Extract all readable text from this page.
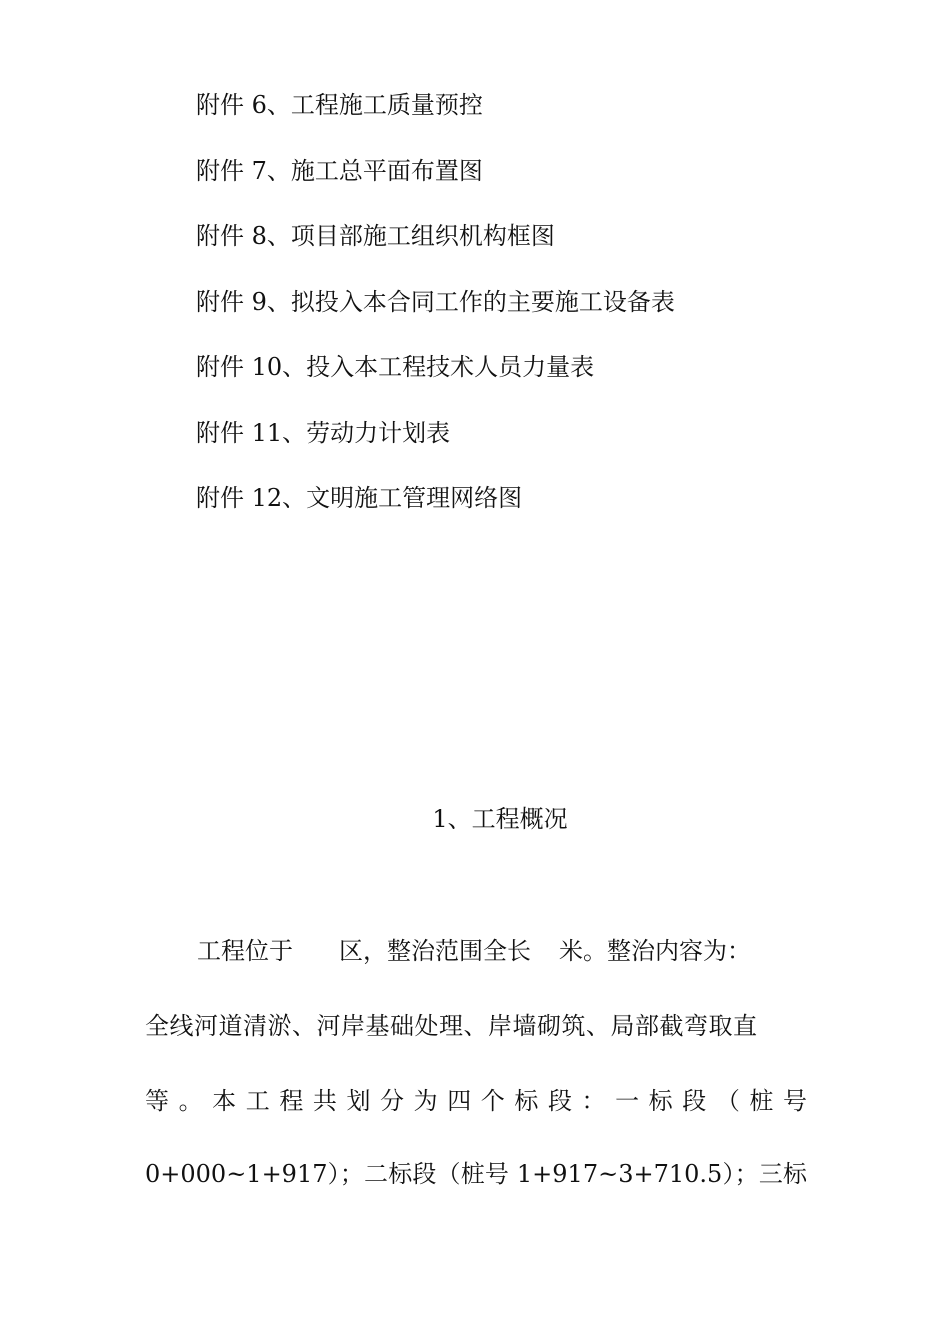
附件 6、工程施工质量预控
附件 7、施工总平面布置图
附件 8、项目部施工组织机构框图
附件 9、拟投入本合同工作的主要施工设备表
附件 10、投入本工程技术人员力量表
附件 11、劳动力计划表
附件 12、文明施工管理网络图
1、工程概况
工程位于 区，整治范围全长 米。整治内容为：
全线河道清淤、河岸基础处理、岸墙砌筑、局部截弯取直
等。本工程共划分为四个标段：一标段（桩号
0+000~1+917）；二标段（桩号 1+917~3+710.5）；三标
